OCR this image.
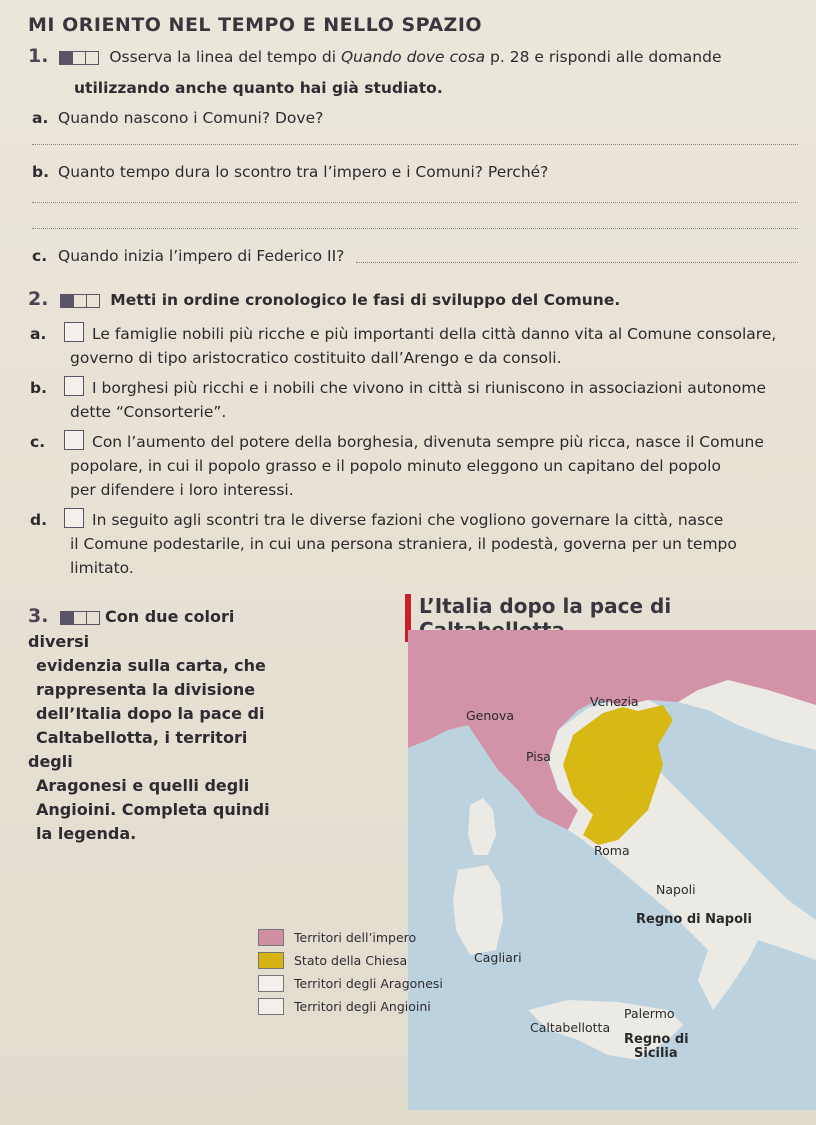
MI ORIENTO NEL TEMPO E NELLO SPAZIO
1.	Osserva la linea del tempo di Quando dove cosa p. 28 e rispondi alle domande
utilizzando anche quanto hai già studiato.
a. Quando nascono i Comuni? Dove?
b. Quanto tempo dura lo scontro tra l’impero e i Comuni? Perché?
c. Quando inizia l’impero di Federico II?
2.	Metti in ordine cronologico le fasi di sviluppo del Comune.
a.	Le famiglie nobili più ricche e più importanti della città danno vita al Comune consolare,
governo di tipo aristocratico costituito dall’Arengo e da consoli.
b.	I borghesi più ricchi e i nobili che vivono in città si riuniscono in associazioni autonome
dette “Consorterie”.
c.	Con l’aumento del potere della borghesia, divenuta sempre più ricca, nasce il Comune
popolare, in cui il popolo grasso e il popolo minuto eleggono un capitano del popolo
per difendere i loro interessi.
d.	In seguito agli scontri tra le diverse fazioni che vogliono governare la città, nasce
il Comune podestarile, in cui una persona straniera, il podestà, governa per un tempo
limitato.
3.	Con due colori diversi
evidenzia sulla carta, che
rappresenta la divisione
dell’Italia dopo la pace di
Caltabellotta, i territori degli
Aragonesi e quelli degli
Angioini. Completa quindi
la legenda.
L’Italia dopo la pace di
Genova
Venezia
Pisa
Roma
Napoli
Regno di Napoli
Cagliari
Palermo
Caltabellotta
Regno di
Sicilia
Territori dell’impero
Stato della Chiesa
Territori degli Aragonesi
Territori degli Angioini
